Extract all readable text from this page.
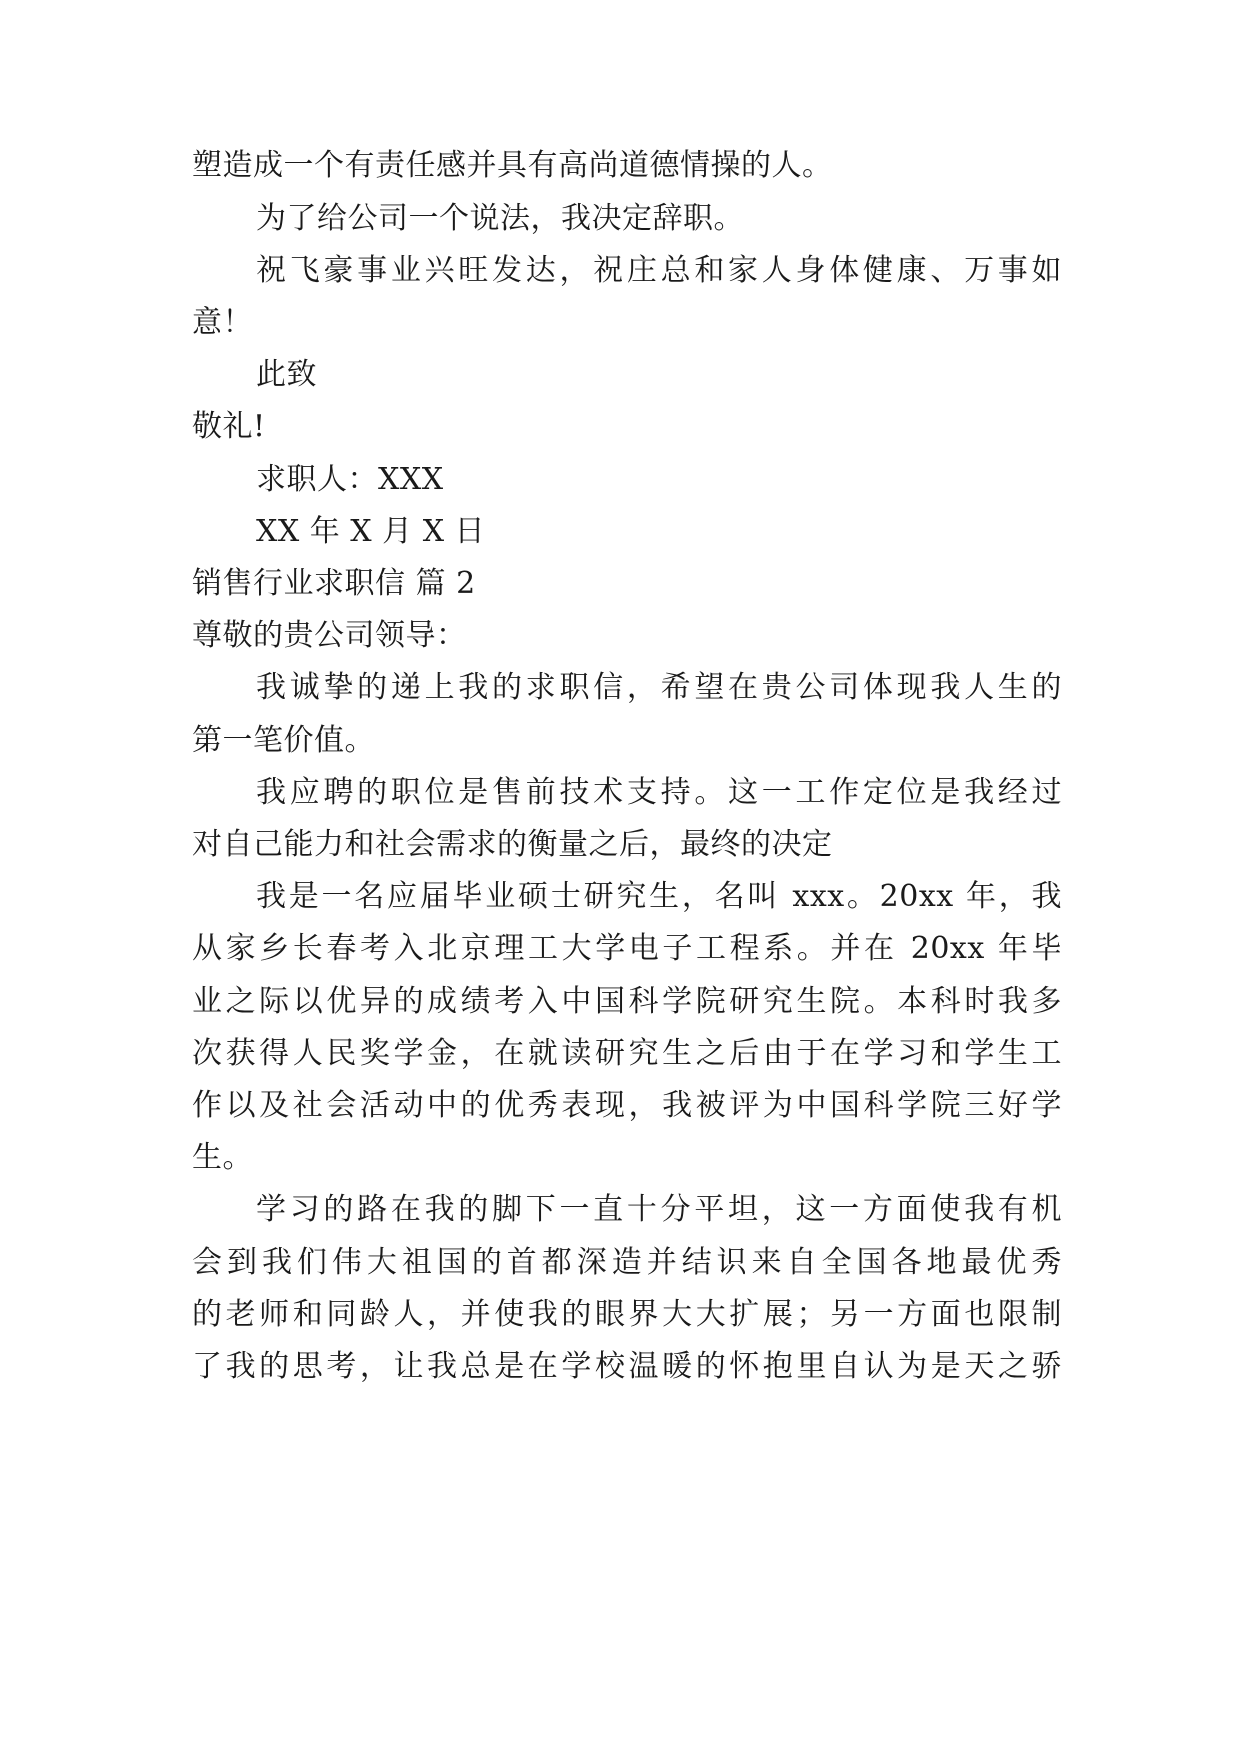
塑造成一个有责任感并具有高尚道德情操的人。
为了给公司一个说法，我决定辞职。
祝飞豪事业兴旺发达，祝庄总和家人身体健康、万事如
意！
此致
敬礼!
求职人：XXX
XX 年 X 月 X 日
销售行业求职信 篇 2
尊敬的贵公司领导：
我诚挚的递上我的求职信，希望在贵公司体现我人生的
第一笔价值。
我应聘的职位是售前技术支持。这一工作定位是我经过
对自己能力和社会需求的衡量之后，最终的决定
我是一名应届毕业硕士研究生，名叫 xxx。20xx 年，我
从家乡长春考入北京理工大学电子工程系。并在 20xx 年毕
业之际以优异的成绩考入中国科学院研究生院。本科时我多
次获得人民奖学金，在就读研究生之后由于在学习和学生工
作以及社会活动中的优秀表现，我被评为中国科学院三好学
生。
学习的路在我的脚下一直十分平坦，这一方面使我有机
会到我们伟大祖国的首都深造并结识来自全国各地最优秀
的老师和同龄人，并使我的眼界大大扩展；另一方面也限制
了我的思考，让我总是在学校温暖的怀抱里自认为是天之骄
